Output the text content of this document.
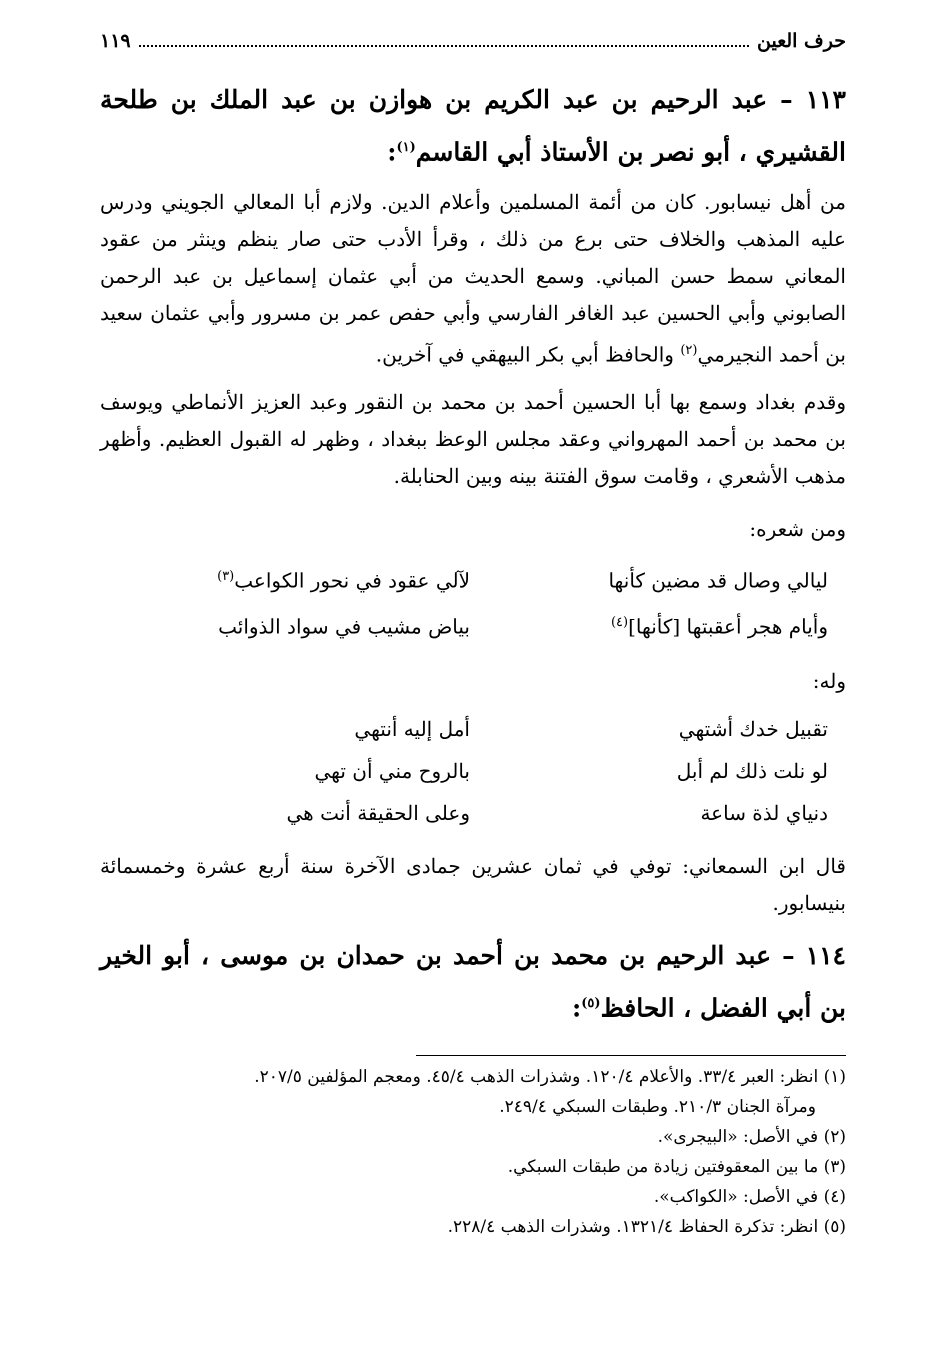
حرف العين
١١٩
١١٣ – عبد الرحيم بن عبد الكريم بن هوازن بن عبد الملك بن طلحة القشيري ، أبو نصر بن الأستاذ أبي القاسم$^{(١)}$:

من أهل نيسابور. كان من أئمة المسلمين وأعلام الدين. ولازم أبا المعالي الجويني ودرس عليه المذهب والخلاف حتى برع من ذلك ، وقرأ الأدب حتى صار ينظم وينثر من عقود المعاني سمط حسن المباني. وسمع الحديث من أبي عثمان إسماعيل بن عبد الرحمن الصابوني وأبي الحسين عبد الغافر الفارسي وأبي حفص عمر بن مسرور وأبي عثمان سعيد بن أحمد النجيرمي$^{(٢)}$ والحافظ أبي بكر البيهقي في آخرين.

وقدم بغداد وسمع بها أبا الحسين أحمد بن محمد بن النقور وعبد العزيز الأنماطي ويوسف بن محمد بن أحمد المهرواني وعقد مجلس الوعظ ببغداد ، وظهر له القبول العظيم. وأظهر مذهب الأشعري ، وقامت سوق الفتنة بينه وبين الحنابلة.

ومن شعره:
ليالي وصال قد مضين كأنها
لآلي عقود في نحور الكواعب$^{(٣)}$
وأيام هجر أعقبتها [كأنها]$^{(٤)}$
بياض مشيب في سواد الذوائب
وله:
تقبيل خدك أشتهي
أمل إليه أنتهي
لو نلت ذلك لم أبل
بالروح مني أن تهي
دنياي لذة ساعة
وعلى الحقيقة أنت هي

قال ابن السمعاني: توفي في ثمان عشرين جمادى الآخرة سنة أربع عشرة وخمسمائة بنيسابور.

١١٤ – عبد الرحيم بن محمد بن أحمد بن حمدان بن موسى ، أبو الخير بن أبي الفضل ، الحافظ$^{(٥)}$:

(١) انظر: العبر ٣٣/٤. والأعلام ١٢٠/٤. وشذرات الذهب ٤٥/٤. ومعجم المؤلفين ٢٠٧/٥.

ومرآة الجنان ٢١٠/٣. وطبقات السبكي ٢٤٩/٤.

(٢) في الأصل: «البيجرى».

(٣) ما بين المعقوفتين زيادة من طبقات السبكي.

(٤) في الأصل: «الكواكب».

(٥) انظر: تذكرة الحفاظ ١٣٢١/٤. وشذرات الذهب ٢٢٨/٤.
